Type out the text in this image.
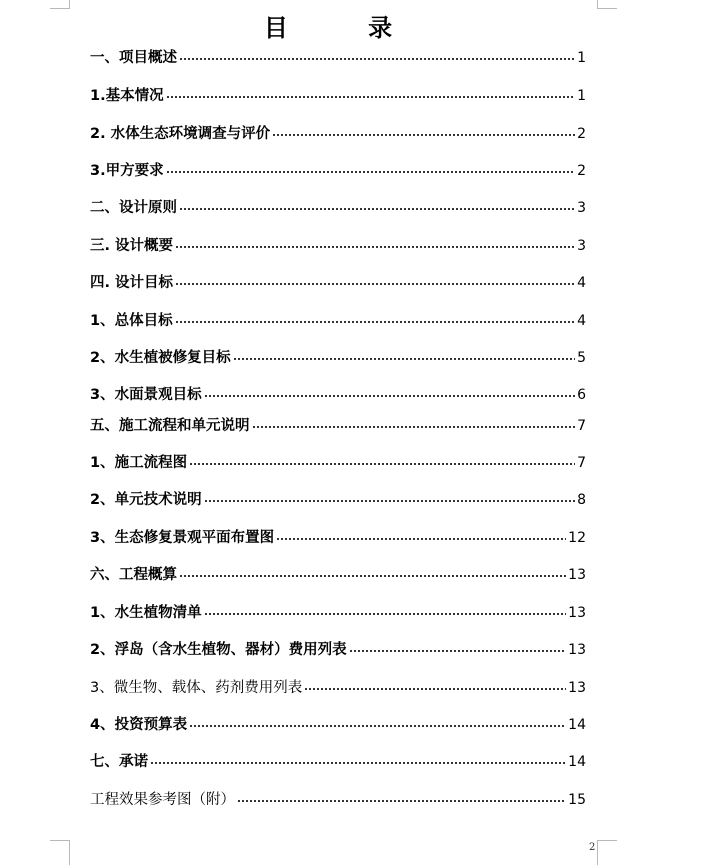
目 录
一、项目概述	1
1.基本情况	1
2. 水体生态环境调查与评价	2
3.甲方要求	2
二、设计原则	3
三. 设计概要	3
四. 设计目标	4
1、总体目标	4
2、水生植被修复目标	5
3、水面景观目标	6
五、施工流程和单元说明	7
1、施工流程图	7
2、单元技术说明	8
3、生态修复景观平面布置图	12
六、工程概算	13
1、水生植物清单	13
2、浮岛（含水生植物、器材）费用列表	13
3、微生物、载体、药剂费用列表	13
4、投资预算表	14
七、承诺	14
工程效果参考图（附）	15
2
